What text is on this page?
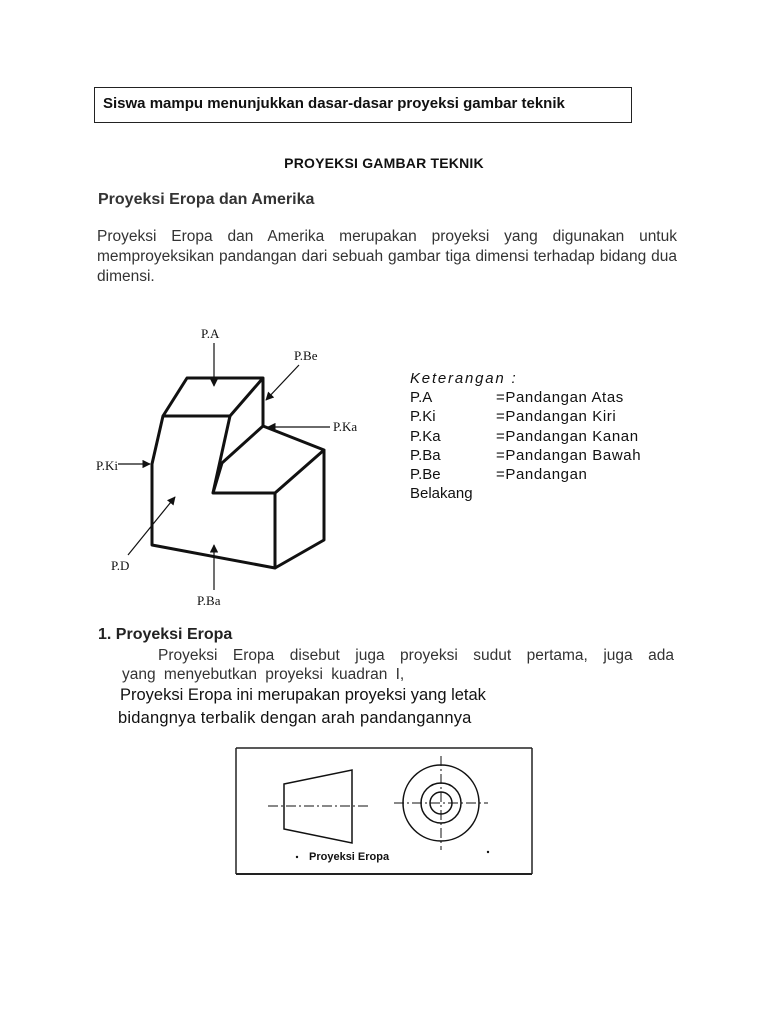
Siswa mampu menunjukkan dasar-dasar proyeksi gambar teknik
PROYEKSI GAMBAR TEKNIK
Proyeksi Eropa dan Amerika
Proyeksi Eropa dan Amerika merupakan proyeksi yang digunakan untuk memproyeksikan pandangan dari sebuah gambar tiga dimensi terhadap bidang dua dimensi.
P.A
P.Be
P.Ka
P.Ki
P.D
P.Ba
Keterangan :
P.A	=Pandangan Atas
P.Ki	=Pandangan Kiri
P.Ka	=Pandangan Kanan
P.Ba	=Pandangan Bawah
P.Be	=Pandangan
Belakang
1. Proyeksi Eropa
Proyeksi Eropa disebut juga proyeksi sudut pertama, juga ada
yang menyebutkan proyeksi kuadran I,
Proyeksi Eropa ini merupakan proyeksi yang letak
bidangnya terbalik dengan arah pandangannya
Proyeksi Eropa
